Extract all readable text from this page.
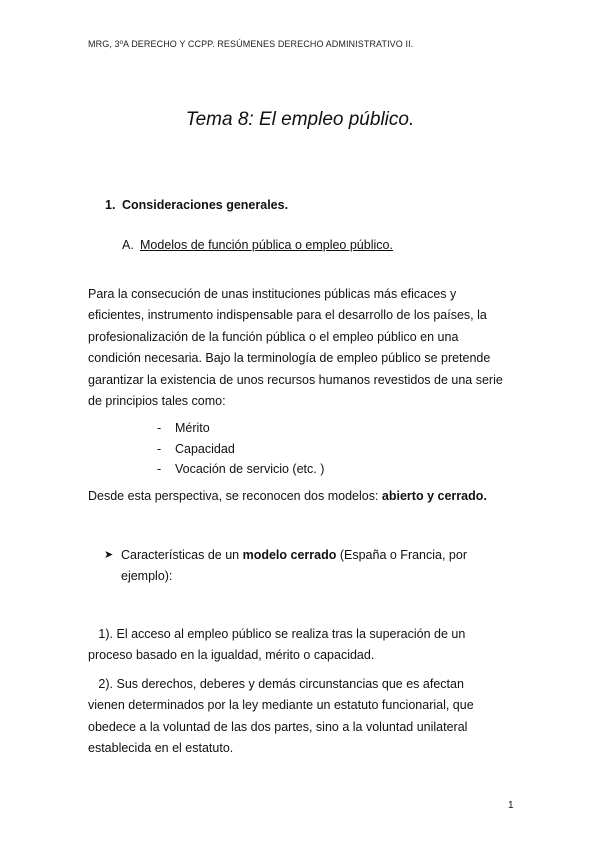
MRG, 3ºA DERECHO Y CCPP. RESÚMENES DERECHO ADMINISTRATIVO II.
Tema 8: El empleo público.
1. Consideraciones generales.
A. Modelos de función pública o empleo público.
Para la consecución de unas instituciones públicas más eficaces y
eficientes, instrumento indispensable para el desarrollo de los países, la
profesionalización de la función pública o el empleo público en una
condición necesaria. Bajo la terminología de empleo público se pretende
garantizar la existencia de unos recursos humanos revestidos de una serie
de principios tales como:
- Mérito
- Capacidad
- Vocación de servicio (etc. )
Desde esta perspectiva, se reconocen dos modelos: abierto y cerrado.
➤ Características de un modelo cerrado (España o Francia, por
ejemplo):
1). El acceso al empleo público se realiza tras la superación de un
proceso basado en la igualdad, mérito o capacidad.
2). Sus derechos, deberes y demás circunstancias que es afectan
vienen determinados por la ley mediante un estatuto funcionarial, que
obedece a la voluntad de las dos partes, sino a la voluntad unilateral
establecida en el estatuto.
1
